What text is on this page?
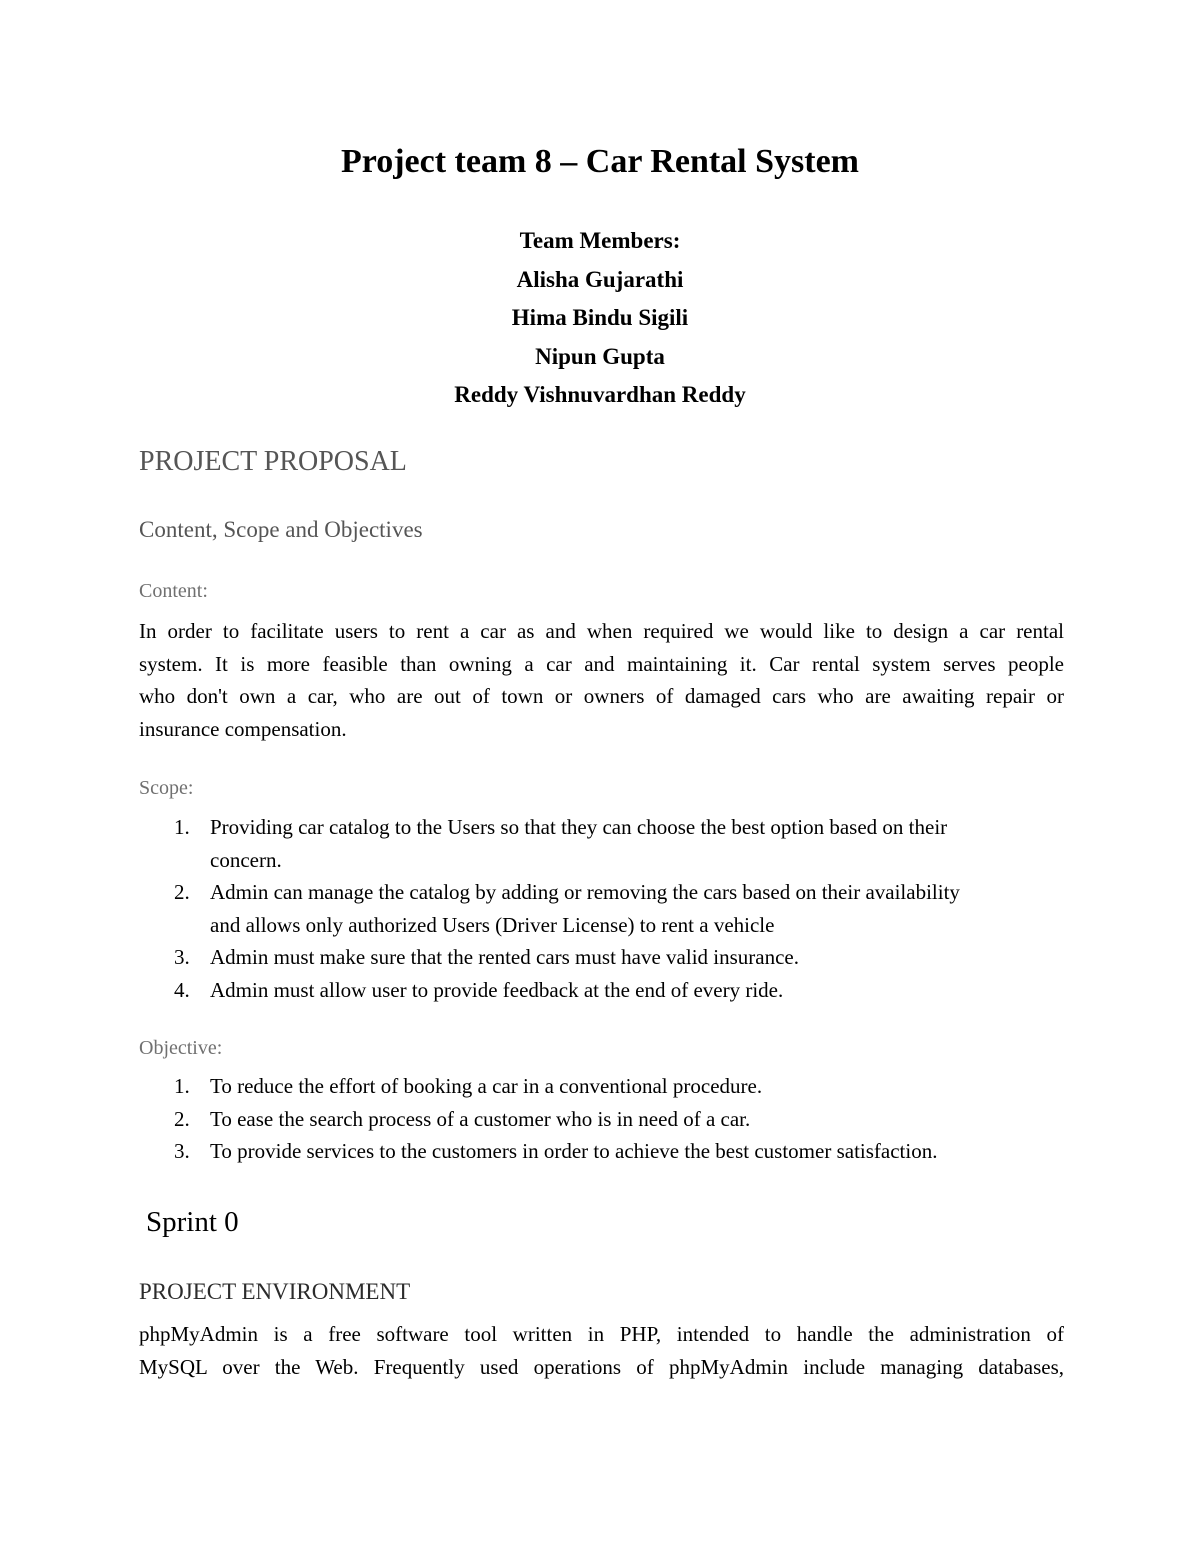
Project team 8 – Car Rental System
Team Members:
Alisha Gujarathi
Hima Bindu Sigili
Nipun Gupta
Reddy Vishnuvardhan Reddy
PROJECT PROPOSAL
Content, Scope and Objectives
Content:
In order to facilitate users to rent a car as and when required we would like to design a car rental
system. It is more feasible than owning a car and maintaining it. Car rental system serves people
who don't own a car, who are out of town or owners of damaged cars who are awaiting repair or
insurance compensation.
Scope:
1. Providing car catalog to the Users so that they can choose the best option based on their
concern.
2. Admin can manage the catalog by adding or removing the cars based on their availability
and allows only authorized Users (Driver License) to rent a vehicle
3. Admin must make sure that the rented cars must have valid insurance.
4. Admin must allow user to provide feedback at the end of every ride.
Objective:
1. To reduce the effort of booking a car in a conventional procedure.
2. To ease the search process of a customer who is in need of a car.
3. To provide services to the customers in order to achieve the best customer satisfaction.
Sprint 0
PROJECT ENVIRONMENT
phpMyAdmin is a free software tool written in PHP, intended to handle the administration of
MySQL over the Web. Frequently used operations of phpMyAdmin include managing databases,
